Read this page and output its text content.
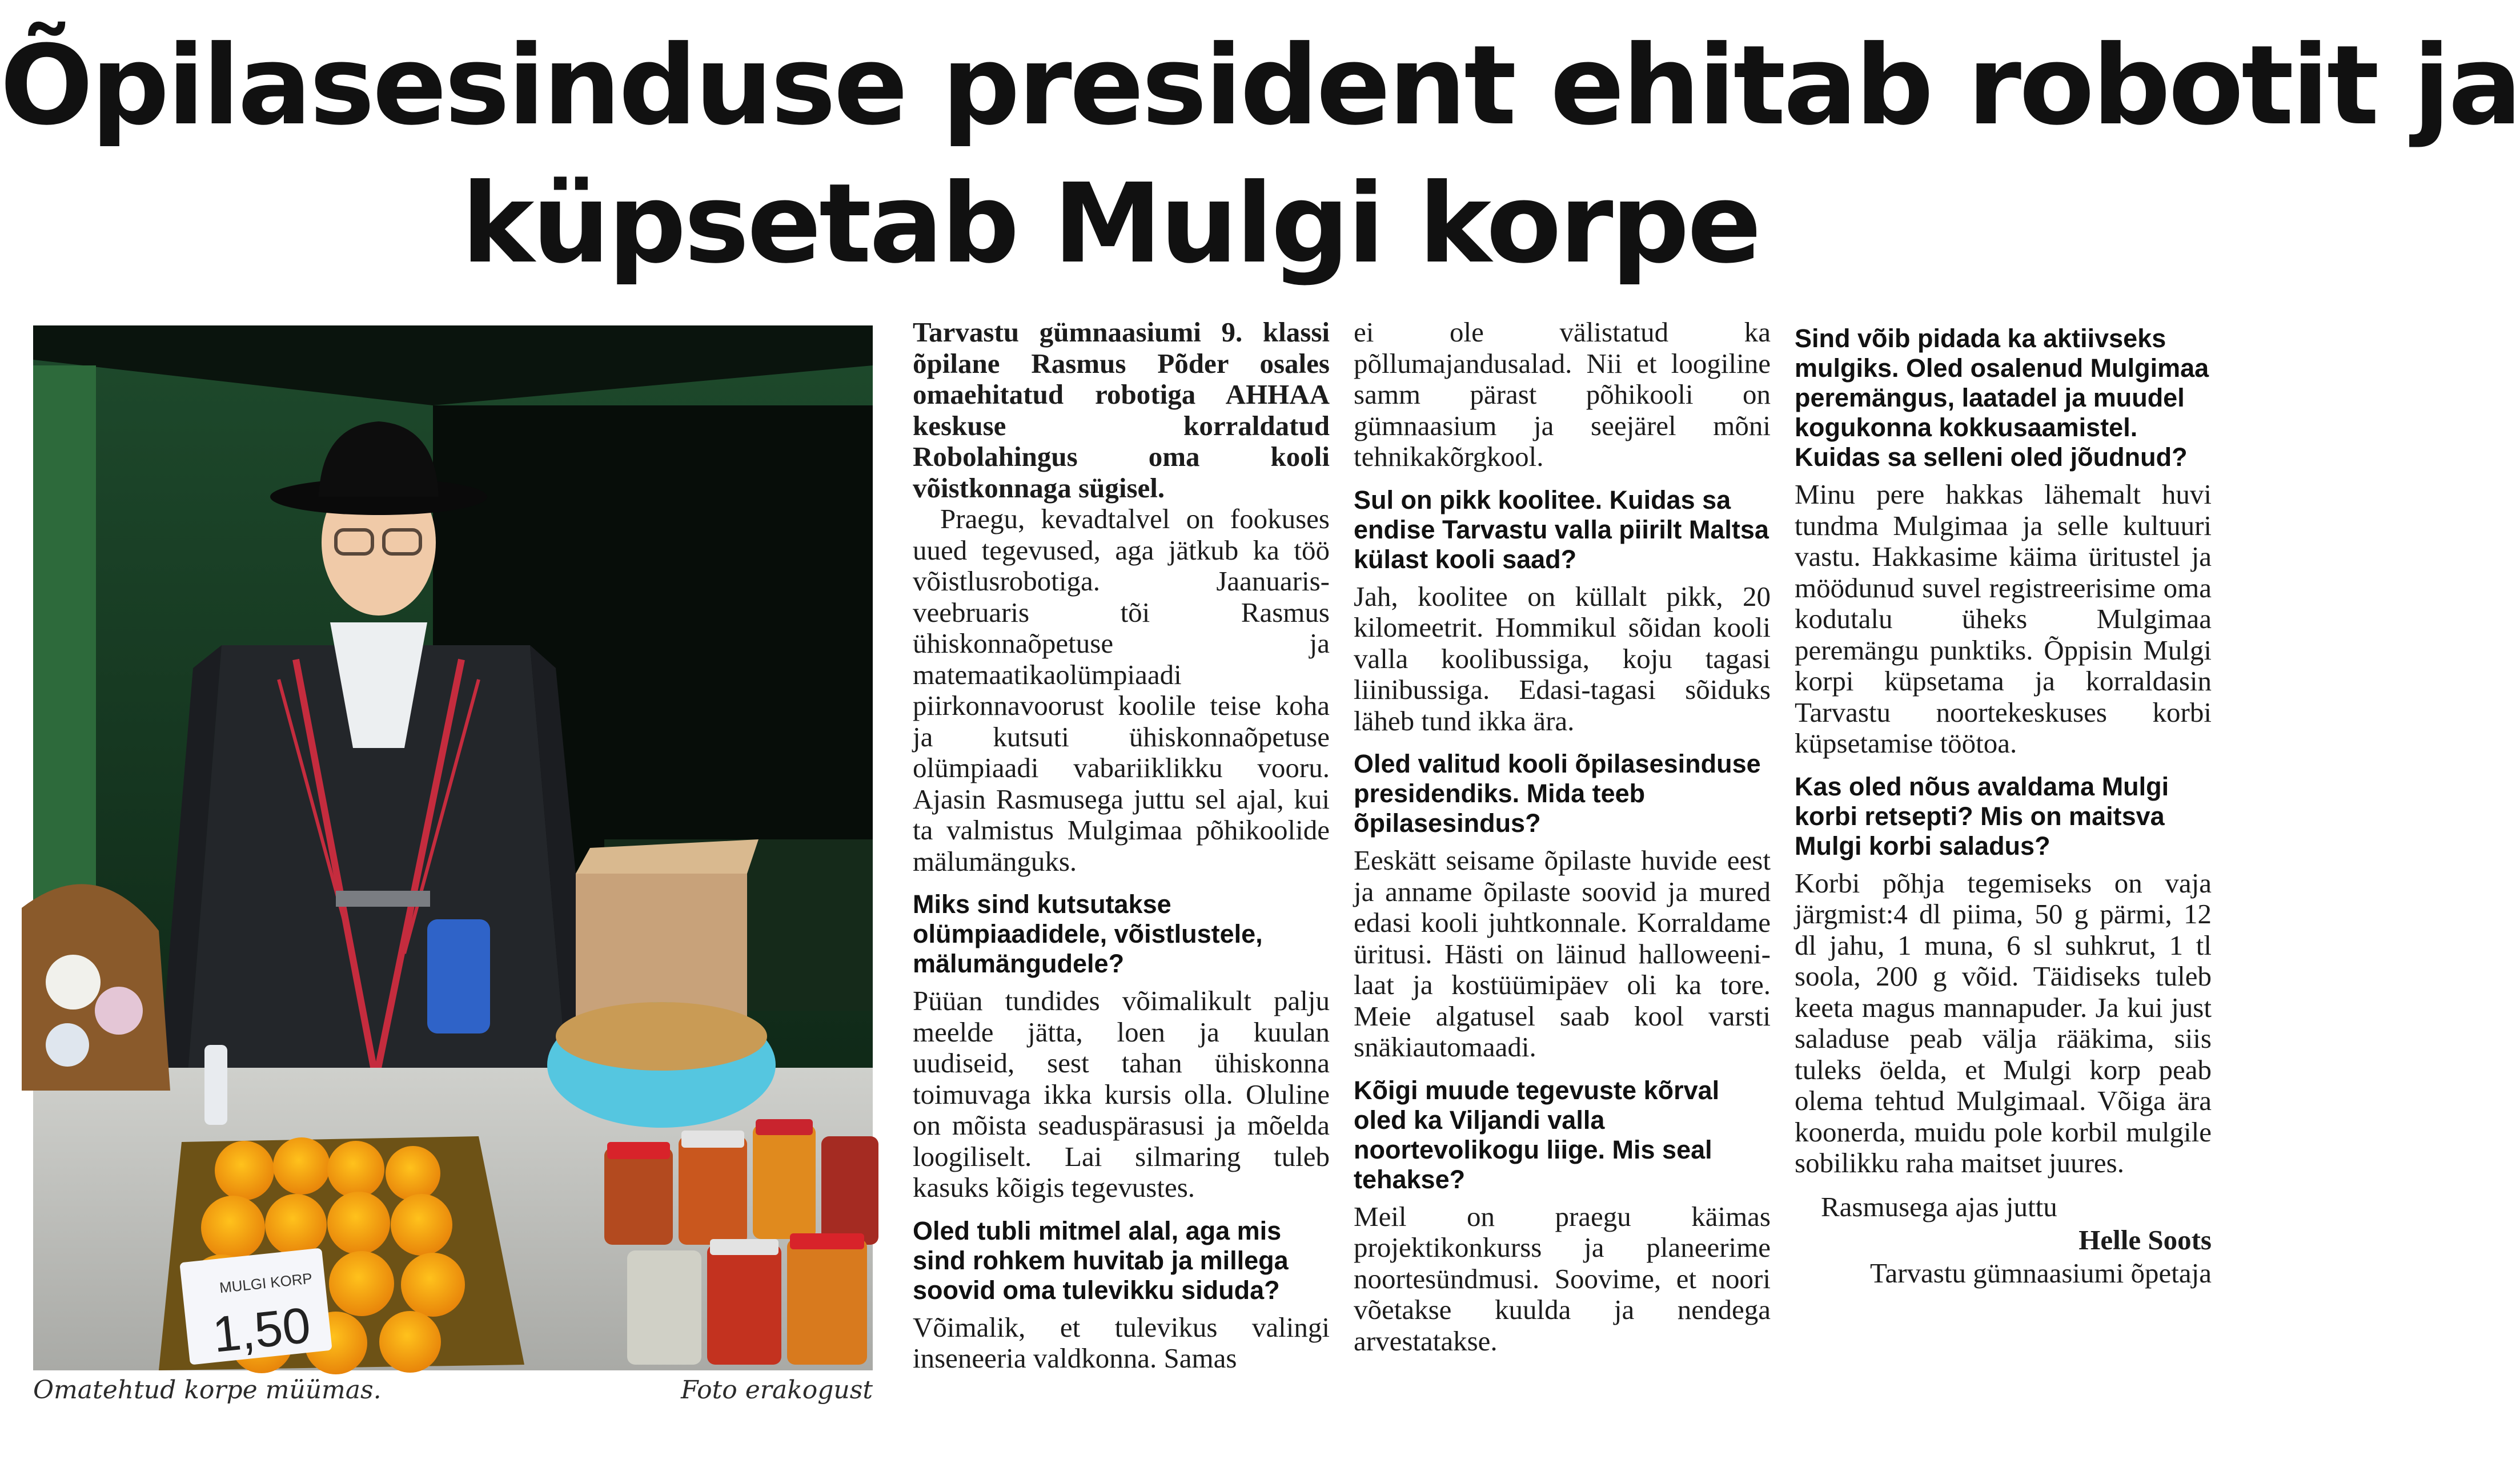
Õpilasesinduse president ehitab robotit ja
küpsetab Mulgi korpe
MULGI KORP
1,50
Omatehtud korpe müümas.	Foto erakogust

Tarvastu gümnaasiumi 9. klassi õpilane Rasmus Põder osales omaehitatud robotiga AHHAA keskuse korraldatud Robolahingus oma kooli võistkonnaga sügisel.

Praegu, kevadtalvel on fookuses uued tegevused, aga jätkub ka töö võistlusrobotiga. Jaanuaris-veebruaris tõi Rasmus ühiskonnaõpetuse ja matemaatikaolümpiaadi piirkonnavoorust koolile teise koha ja kutsuti ühiskonnaõpetuse olümpiaadi vabariiklikku vooru. Ajasin Rasmusega juttu sel ajal, kui ta valmistus Mulgimaa põhikoolide mälumänguks.

Miks sind kutsutakse olümpiaadidele, võistlustele, mälumängudele?

Püüan tundides võimalikult palju meelde jätta, loen ja kuulan uudiseid, sest tahan ühiskonna toimuvaga ikka kursis olla. Oluline on mõista seaduspärasusi ja mõelda loogiliselt. Lai silmaring tuleb kasuks kõigis tegevustes.

Oled tubli mitmel alal, aga mis sind rohkem huvitab ja millega soovid oma tulevikku siduda?

Võimalik, et tulevikus valingi inseneeria valdkonna. Samas

ei ole välistatud ka põllumajandusalad. Nii et loogiline samm pärast põhikooli on gümnaasium ja seejärel mõni tehnikakõrgkool.

Sul on pikk koolitee. Kuidas sa endise Tarvastu valla piirilt Maltsa külast kooli saad?

Jah, koolitee on küllalt pikk, 20 kilomeetrit. Hommikul sõidan kooli valla koolibussiga, koju tagasi liinibussiga. Edasi-tagasi sõiduks läheb tund ikka ära.

Oled valitud kooli õpilasesinduse presidendiks. Mida teeb õpilasesindus?

Eeskätt seisame õpilaste huvide eest ja anname õpilaste soovid ja mured edasi kooli juhtkonnale. Korraldame üritusi. Hästi on läinud halloweeni- laat ja kostüümipäev oli ka tore. Meie algatusel saab kool varsti snäkiautomaadi.

Kõigi muude tegevuste kõrval oled ka Viljandi valla noortevolikogu liige. Mis seal tehakse?

Meil on praegu käimas projektikonkurss ja planeerime noortesündmusi. Soovime, et noori võetakse kuulda ja nendega arvestatakse.

Sind võib pidada ka aktiivseks mulgiks. Oled osalenud Mulgimaa peremängus, laatadel ja muudel kogukonna kokkusaamistel. Kuidas sa selleni oled jõudnud?

Minu pere hakkas lähemalt huvi tundma Mulgimaa ja selle kultuuri vastu. Hakkasime käima üritustel ja möödunud suvel registreerisime oma kodutalu üheks Mulgimaa peremängu punktiks. Õppisin Mulgi korpi küpsetama ja korraldasin Tarvastu noortekeskuses korbi küpsetamise töötoa.

Kas oled nõus avaldama Mulgi korbi retsepti? Mis on maitsva Mulgi korbi saladus?

Korbi põhja tegemiseks on vaja järgmist:4 dl piima, 50 g pärmi, 12 dl jahu, 1 muna, 6 sl suhkrut, 1 tl soola, 200 g võid. Täidiseks tuleb keeta magus mannapuder. Ja kui just saladuse peab välja rääkima, siis tuleks öelda, et Mulgi korp peab olema tehtud Mulgimaal. Võiga ära koonerda, muidu pole korbil mulgile sobilikku raha maitset juures.

Rasmusega ajas juttu
Helle Soots
Tarvastu gümnaasiumi õpetaja
